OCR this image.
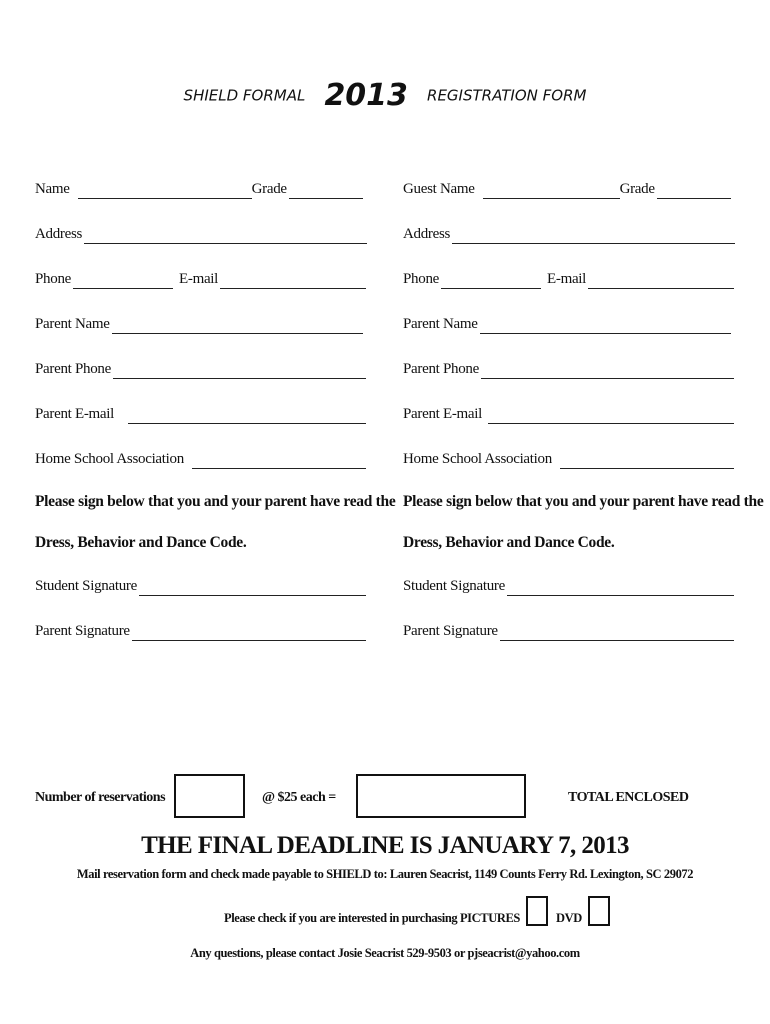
SHIELD FORMAL 2013 REGISTRATION FORM
Name	Grade
Address
Phone	E-mail
Parent Name
Parent Phone
Parent E-mail
Home School Association
Please sign below that you and your parent have read the
Dress, Behavior and Dance Code.
Student Signature
Parent Signature
Guest Name	Grade
Address
Phone	E-mail
Parent Name
Parent Phone
Parent E-mail
Home School Association
Please sign below that you and your parent have read the
Dress, Behavior and Dance Code.
Student Signature
Parent Signature
Number of reservations	@ $25 each =	TOTAL ENCLOSED
THE FINAL DEADLINE IS JANUARY 7, 2013
Mail reservation form and check made payable to SHIELD to: Lauren Seacrist, 1149 Counts Ferry Rd. Lexington, SC 29072
Please check if you are interested in purchasing PICTURES	DVD
Any questions, please contact Josie Seacrist 529-9503 or pjseacrist@yahoo.com
